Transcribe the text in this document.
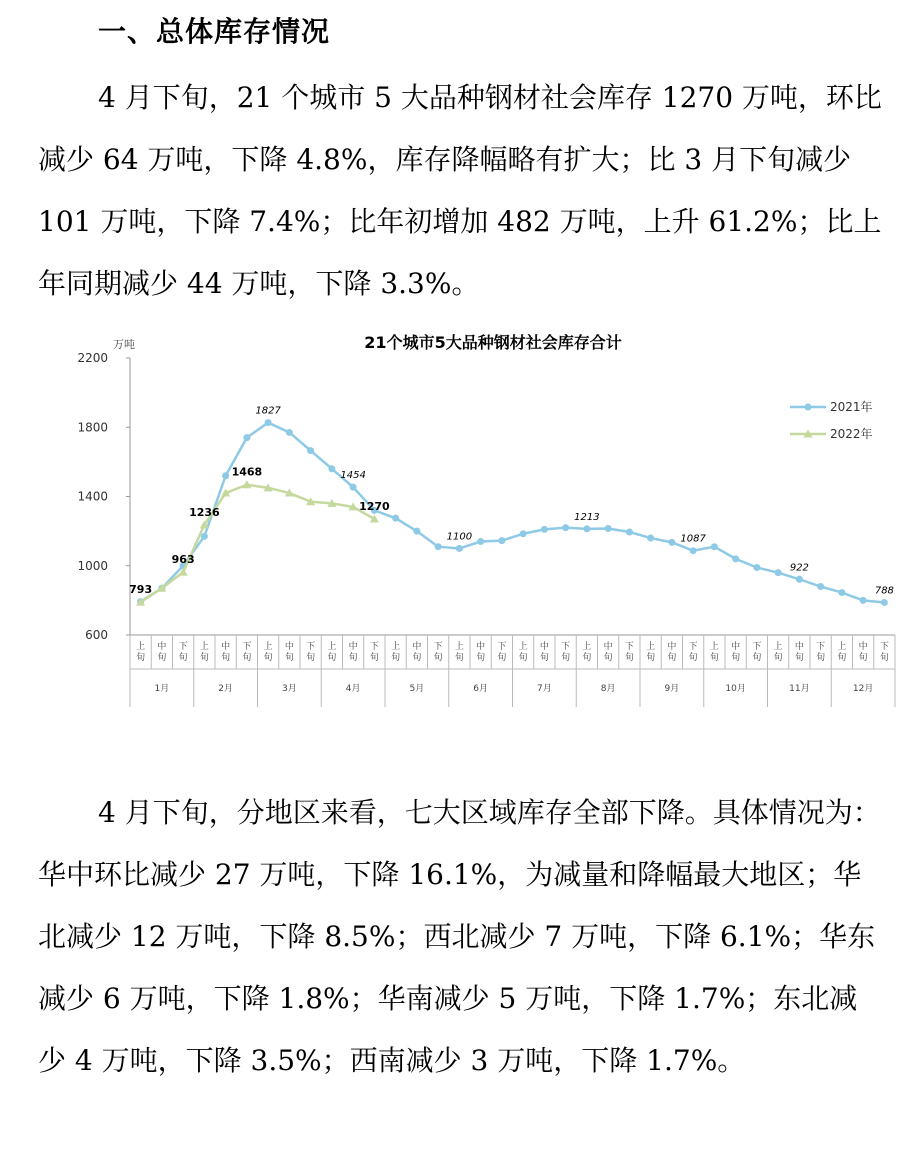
一、总体库存情况

4 月下旬，21 个城市 5 大品种钢材社会库存 1270 万吨，环比减少 64 万吨，下降 4.8%，库存降幅略有扩大；比 3 月下旬减少 101 万吨，下降 7.4%；比年初增加 482 万吨，上升 61.2%；比上年同期减少 44 万吨，下降 3.3%。

21个城市5大品种钢材社会库存合计
万吨
600
1000
1400
1800
2200
上旬
中旬
下旬
上旬
中旬
下旬
上旬
中旬
下旬
上旬
中旬
下旬
上旬
中旬
下旬
上旬
中旬
下旬
上旬
中旬
下旬
上旬
中旬
下旬
上旬
中旬
下旬
上旬
中旬
下旬
上旬
中旬
下旬
上旬
中旬
下旬
1月	2月	3月	4月	5月	6月	7月	8月	9月	10月	11月	12月
1827
1454
1100
1213
1087
922
788
793
963
1236
1468
1270
2021年
2022年

4 月下旬，分地区来看，七大区域库存全部下降。具体情况为：华中环比减少 27 万吨，下降 16.1%，为减量和降幅最大地区；华北减少 12 万吨，下降 8.5%；西北减少 7 万吨，下降 6.1%；华东减少 6 万吨，下降 1.8%；华南减少 5 万吨，下降 1.7%；东北减少 4 万吨，下降 3.5%；西南减少 3 万吨，下降 1.7%。
